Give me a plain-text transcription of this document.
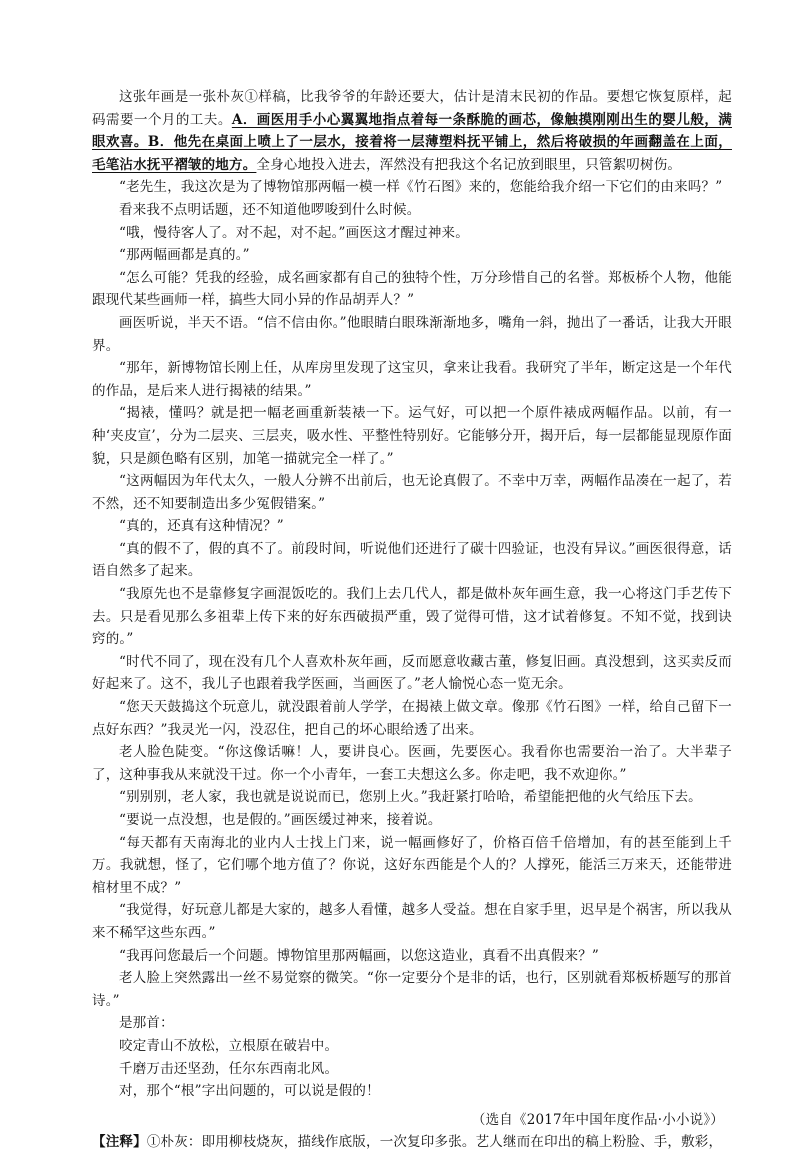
这张年画是一张朴灰①样稿，比我爷爷的年龄还要大，估计是清末民初的作品。要想它恢复原样，起码需要一个月的工夫。A．画医用手小心翼翼地指点着每一条酥脆的画芯，像触摸刚刚出生的婴儿般，满眼欢喜。B．他先在桌面上喷上了一层水，接着将一层薄塑料抚平铺上，然后将破损的年画翻盖在上面，毛笔沾水抚平褶皱的地方。全身心地投入进去，浑然没有把我这个名记放到眼里，只管絮叨树伤。

“老先生，我这次是为了博物馆那两幅一模一样《竹石图》来的，您能给我介绍一下它们的由来吗？”

看来我不点明话题，还不知道他啰唆到什么时候。

“哦，慢待客人了。对不起，对不起。”画医这才醒过神来。

“那两幅画都是真的。”

“怎么可能？凭我的经验，成名画家都有自己的独特个性，万分珍惜自己的名誉。郑板桥个人物，他能跟现代某些画师一样，搞些大同小异的作品胡弄人？”

画医听说，半天不语。“信不信由你。”他眼睛白眼珠渐渐地多，嘴角一斜，抛出了一番话，让我大开眼界。

“那年，新博物馆长刚上任，从库房里发现了这宝贝，拿来让我看。我研究了半年，断定这是一个年代的作品，是后来人进行揭裱的结果。”

“揭裱，懂吗？就是把一幅老画重新装裱一下。运气好，可以把一个原件裱成两幅作品。以前，有一种‘夹皮宣’，分为二层夹、三层夹，吸水性、平整性特别好。它能够分开，揭开后，每一层都能显现原作面貌，只是颜色略有区别，加笔一描就完全一样了。”

“这两幅因为年代太久，一般人分辨不出前后，也无论真假了。不幸中万幸，两幅作品凑在一起了，若不然，还不知要制造出多少冤假错案。”

“真的，还真有这种情况？”

“真的假不了，假的真不了。前段时间，听说他们还进行了碳十四验证，也没有异议。”画医很得意，话语自然多了起来。

“我原先也不是靠修复字画混饭吃的。我们上去几代人，都是做朴灰年画生意，我一心将这门手艺传下去。只是看见那么多祖辈上传下来的好东西破损严重，毁了觉得可惜，这才试着修复。不知不觉，找到诀窍的。”

“时代不同了，现在没有几个人喜欢朴灰年画，反而愿意收藏古董，修复旧画。真没想到，这买卖反而好起来了。这不，我儿子也跟着我学医画，当画医了。”老人愉悦心态一览无余。

“您天天鼓捣这个玩意儿，就没跟着前人学学，在揭裱上做文章。像那《竹石图》一样，给自己留下一点好东西？”我灵光一闪，没忍住，把自己的坏心眼给透了出来。

老人脸色陡变。“你这像话嘛！人，要讲良心。医画，先要医心。我看你也需要治一治了。大半辈子了，这种事我从来就没干过。你一个小青年，一套工夫想这么多。你走吧，我不欢迎你。”

“别别别，老人家，我也就是说说而已，您别上火。”我赶紧打哈哈，希望能把他的火气给压下去。

“要说一点没想，也是假的。”画医缓过神来，接着说。

“每天都有天南海北的业内人士找上门来，说一幅画修好了，价格百倍千倍增加，有的甚至能到上千万。我就想，怪了，它们哪个地方值了？你说，这好东西能是个人的？人撑死，能活三万来天，还能带进棺材里不成？”

“我觉得，好玩意儿都是大家的，越多人看懂，越多人受益。想在自家手里，迟早是个祸害，所以我从来不稀罕这些东西。”

“我再问您最后一个问题。博物馆里那两幅画，以您这造业，真看不出真假来？”

老人脸上突然露出一丝不易觉察的微笑。“你一定要分个是非的话，也行，区别就看郑板桥题写的那首诗。”

是那首：

咬定青山不放松，立根原在破岩中。

千磨万击还坚劲，任尔东西南北风。

对，那个“根”字出问题的，可以说是假的！

（选自《2017年中国年度作品·小小说》）

【注释】①朴灰：即用柳枝烧灰，描线作底版，一次复印多张。艺人继而在印出的稿上粉脸、手，敷彩，
